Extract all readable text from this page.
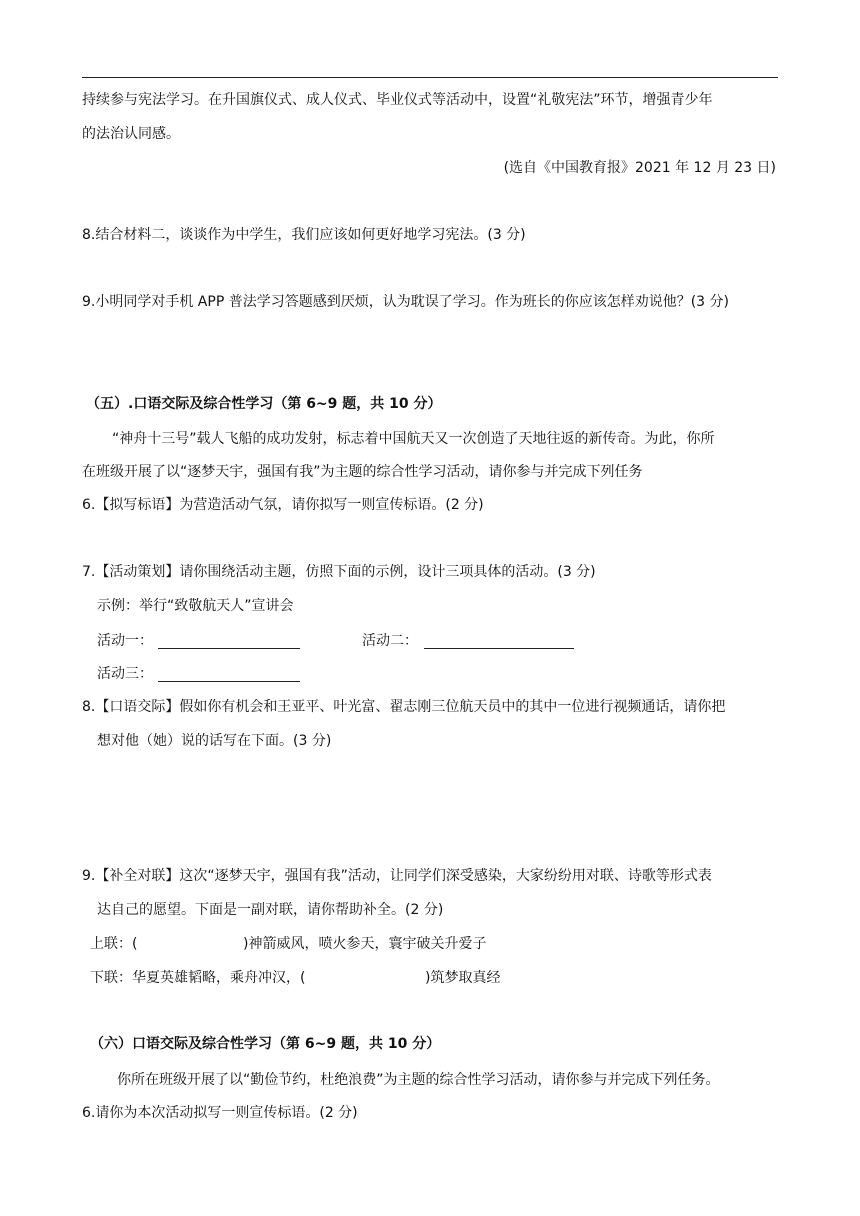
持续参与宪法学习。在升国旗仪式、成人仪式、毕业仪式等活动中，设置“礼敬宪法”环节，增强青少年
的法治认同感。
(选自《中国教育报》2021 年 12 月 23 日)
8.结合材料二，谈谈作为中学生，我们应该如何更好地学习宪法。(3 分)
9.小明同学对手机 APP 普法学习答题感到厌烦，认为耽误了学习。作为班长的你应该怎样劝说他？(3 分)
（五）.口语交际及综合性学习（第 6~9 题，共 10 分）
“神舟十三号”载人飞船的成功发射，标志着中国航天又一次创造了天地往返的新传奇。为此，你所
在班级开展了以“逐梦天宇，强国有我”为主题的综合性学习活动，请你参与并完成下列任务
6.【拟写标语】为营造活动气氛，请你拟写一则宣传标语。(2 分)
7.【活动策划】请你围绕活动主题，仿照下面的示例，设计三项具体的活动。(3 分)
示例：举行“致敬航天人”宣讲会
活动一：	活动二：
活动三：
8.【口语交际】假如你有机会和王亚平、叶光富、翟志刚三位航天员中的其中一位进行视频通话，请你把
想对他（她）说的话写在下面。(3 分)
9.【补全对联】这次“逐梦天宇，强国有我”活动，让同学们深受感染，大家纷纷用对联、诗歌等形式表
达自己的愿望。下面是一副对联，请你帮助补全。(2 分)
上联：(	)神箭威风，喷火参天，寰宇破关升爱子
下联：华夏英雄韬略，乘舟冲汉，(	)筑梦取真经
（六）口语交际及综合性学习（第 6~9 题，共 10 分）
你所在班级开展了以“勤俭节约，杜绝浪费”为主题的综合性学习活动，请你参与并完成下列任务。
6.请你为本次活动拟写一则宣传标语。(2 分)
